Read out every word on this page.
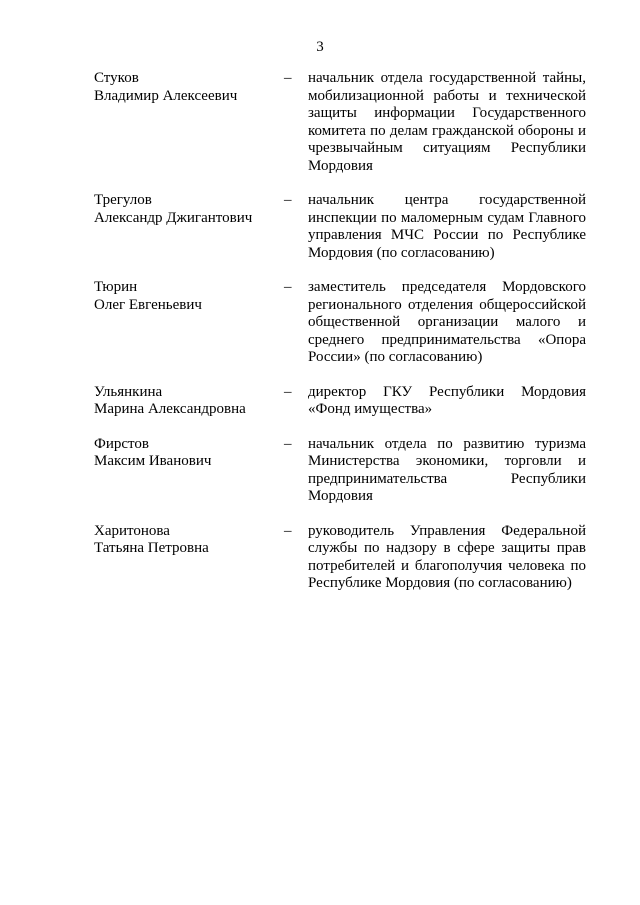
3
Стуков
Владимир Алексеевич
–	начальник отдела государственной тайны, мобилизационной работы и технической защиты информации Государственного комитета по делам гражданской обороны и чрезвычайным ситуациям Республики Мордовия
Трегулов
Александр Джигантович
–	начальник центра государственной инспекции по маломерным судам Главного управления МЧС России по Республике Мордовия (по согласованию)
Тюрин
Олег Евгеньевич
–	заместитель председателя Мордовского регионального отделения общероссийской общественной организации малого и среднего предпринимательства «Опора России» (по согласованию)
Ульянкина
Марина Александровна
–	директор ГКУ Республики Мордовия «Фонд имущества»
Фирстов
Максим Иванович
–	начальник отдела по развитию туризма Министерства экономики, торговли и предпринимательства Республики Мордовия
Харитонова
Татьяна Петровна
–	руководитель Управления Федеральной службы по надзору в сфере защиты прав потребителей и благополучия человека по Республике Мордовия (по согласованию)
